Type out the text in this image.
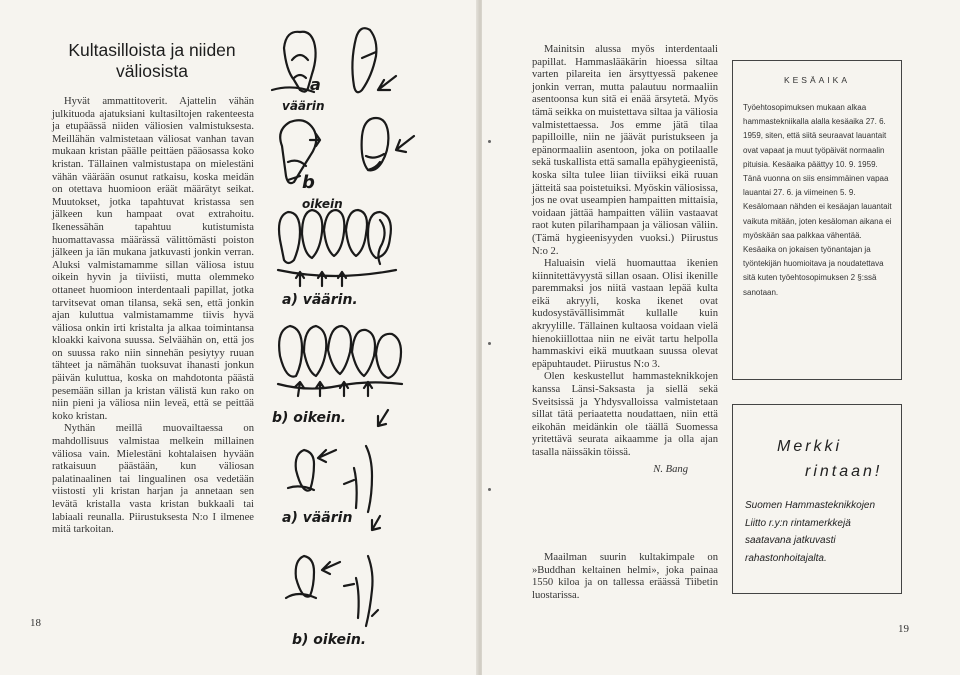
Kultasilloista ja niiden väliosista

Hyvät ammattitoverit. Ajattelin vähän julkituoda ajatuksiani kultasiltojen rakenteesta ja etupäässä niiden väliosien valmistuksesta. Meillähän valmistetaan väliosat vanhan tavan mukaan kristan päälle peittäen pääosassa koko kristan. Tällainen valmistustapa on mielestäni vähän väärään osunut ratkaisu, koska meidän on otettava huomioon eräät määrätyt seikat. Muutokset, jotka tapahtuvat kristassa sen jälkeen kun hampaat ovat extrahoitu. Ikenessähän tapahtuu kutistumista huomattavassa määrässä välittömästi poiston jälkeen ja iän mukana jatkuvasti jonkin verran. Aluksi valmistamamme sillan väliosa istuu oikein hyvin ja tiiviisti, mutta olemmeko ottaneet huomioon interdentaali papillat, jotka tarvitsevat oman tilansa, sekä sen, että jonkin ajan kuluttua valmistamamme tiivis hyvä väliosa onkin irti kristalta ja alkaa toimintansa kloakki kaivona suussa. Selväähän on, että jos on suussa rako niin sinnehän pesiytyy ruuan tähteet ja nämähän tuoksuvat ihanasti jonkun päivän kuluttua, koska on mahdotonta päästä pesemään sillan ja kristan välistä kun rako on niin pieni ja väliosa niin leveä, että se peittää koko kristan.

Nythän meillä muovailtaessa on mahdollisuus valmistaa melkein millainen väliosa vain. Mielestäni kohtalaisen hyvään ratkaisuun päästään, kun väliosan palatinaalinen tai lingualinen osa vedetään viistosti yli kristan harjan ja annetaan sen levätä kristalla vasta kristan bukkaali tai labiaali reunalla. Piirustuksesta N:o I ilmenee mitä tarkoitan.

a
väärin
b
oikein
a) väärin.
b) oikein.
a) väärin
b) oikein.
18

Mainitsin alussa myös interdentaali papillat. Hammaslääkärin hioessa siltaa varten pilareita ien ärsyttyessä pakenee jonkin verran, mutta palautuu normaaliin asentoonsa kun sitä ei enää ärsytetä. Myös tämä seikka on muistettava siltaa ja väliosia valmistettaessa. Jos emme jätä tilaa papilloille, niin ne jäävät puristukseen ja epänormaaliin asentoon, joka on potilaalle sekä tuskallista että samalla epähygieenistä, koska silta tulee liian tiiviiksi eikä ruuan jätteitä saa poistetuiksi. Myöskin väliosissa, jos ne ovat useampien hampaitten mittaisia, voidaan jättää hampaitten väliin vastaavat raot kuten pilarihampaan ja väliosan väliin. (Tämä hygieenisyyden vuoksi.) Piirustus N:o 2.

Haluaisin vielä huomauttaa ikenien kiinnitettävyystä sillan osaan. Olisi ikenille paremmaksi jos niitä vastaan lepää kulta eikä akryyli, koska ikenet ovat kudosystävällisimmät kullalle kuin akryylille. Tällainen kultaosa voidaan vielä hienokiillottaa niin ne eivät tartu helpolla hammaskivi eikä muutkaan suussa olevat epäpuhtaudet. Piirustus N:o 3.

Olen keskustellut hammasteknikkojen kanssa Länsi-Saksasta ja siellä sekä Sveitsissä ja Yhdysvalloissa valmistetaan sillat tätä periaatetta noudattaen, niin että eikohän meidänkin ole täällä Suomessa yritettävä seurata aikaamme ja olla ajan tasalla näissäkin töissä.

N. Bang

Maailman suurin kultakimpale on »Buddhan keltainen helmi», joka painaa 1550 kiloa ja on tallessa eräässä Tiibetin luostarissa.

KESÄAIKA
Työehtosopimuksen mukaan alkaa hammastekniikalla alalla kesäaika 27. 6. 1959, siten, että siitä seuraavat lauantait ovat vapaat ja muut työpäivät normaalin pituisia. Kesäaika päättyy 10. 9. 1959. Tänä vuonna on siis ensimmäinen vapaa lauantai 27. 6. ja viimeinen 5. 9. Kesälomaan nähden ei kesäajan lauantait vaikuta mitään, joten kesäloman aikana ei myöskään saa palkkaa vähentää. Kesäaika on jokaisen työnantajan ja työntekijän huomioitava ja noudatettava sitä kuten työehtosopimuksen 2 §:ssä sanotaan.
Merkki
rintaan!
Suomen Hammasteknikkojen Liitto r.y:n rintamerkkejä saatavana jatkuvasti rahastonhoitajalta.
19
